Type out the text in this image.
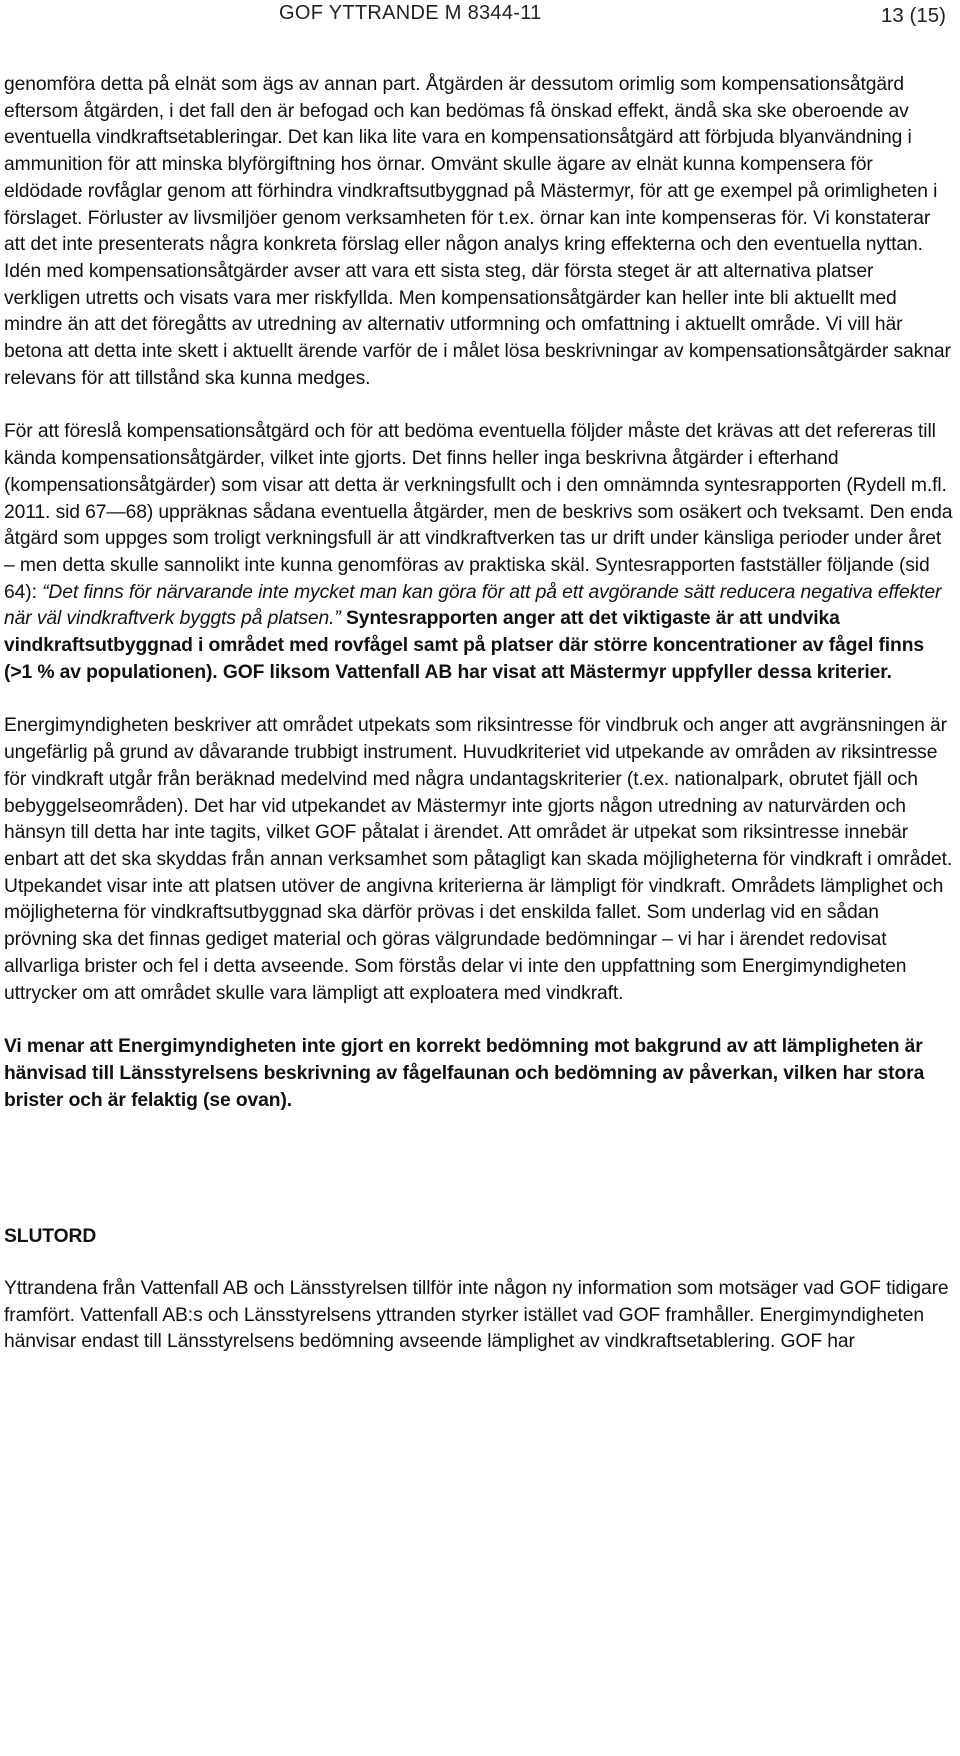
GOF YTTRANDE M 8344-11	13 (15)

genomföra detta på elnät som ägs av annan part. Åtgärden är dessutom orimlig som kompensationsåtgärd eftersom åtgärden, i det fall den är befogad och kan bedömas få önskad effekt, ändå ska ske oberoende av eventuella vindkraftsetableringar. Det kan lika lite vara en kompensationsåtgärd att förbjuda blyanvändning i ammunition för att minska blyförgiftning hos örnar. Omvänt skulle ägare av elnät kunna kompensera för eldödade rovfåglar genom att förhindra vindkraftsutbyggnad på Mästermyr, för att ge exempel på orimligheten i förslaget. Förluster av livsmiljöer genom verksamheten för t.ex. örnar kan inte kompenseras för. Vi konstaterar att det inte presenterats några konkreta förslag eller någon analys kring effekterna och den eventuella nyttan. Idén med kompensationsåtgärder avser att vara ett sista steg, där första steget är att alternativa platser verkligen utretts och visats vara mer riskfyllda. Men kompensationsåtgärder kan heller inte bli aktuellt med mindre än att det föregåtts av utredning av alternativ utformning och omfattning i aktuellt område. Vi vill här betona att detta inte skett i aktuellt ärende varför de i målet lösa beskrivningar av kompensationsåtgärder saknar relevans för att tillstånd ska kunna medges.

För att föreslå kompensationsåtgärd och för att bedöma eventuella följder måste det krävas att det refereras till kända kompensationsåtgärder, vilket inte gjorts. Det finns heller inga beskrivna åtgärder i efterhand (kompensationsåtgärder) som visar att detta är verkningsfullt och i den omnämnda syntesrapporten (Rydell m.fl. 2011. sid 67—68) uppräknas sådana eventuella åtgärder, men de beskrivs som osäkert och tveksamt. Den enda åtgärd som uppges som troligt verkningsfull är att vindkraftverken tas ur drift under känsliga perioder under året – men detta skulle sannolikt inte kunna genomföras av praktiska skäl. Syntesrapporten fastställer följande (sid 64): “Det finns för närvarande inte mycket man kan göra för att på ett avgörande sätt reducera negativa effekter när väl vindkraftverk byggts på platsen.” Syntesrapporten anger att det viktigaste är att undvika vindkraftsutbyggnad i området med rovfågel samt på platser där större koncentrationer av fågel finns (>1 % av populationen). GOF liksom Vattenfall AB har visat att Mästermyr uppfyller dessa kriterier.

Energimyndigheten beskriver att området utpekats som riksintresse för vindbruk och anger att avgränsningen är ungefärlig på grund av dåvarande trubbigt instrument. Huvudkriteriet vid utpekande av områden av riksintresse för vindkraft utgår från beräknad medelvind med några undantagskriterier (t.ex. nationalpark, obrutet fjäll och bebyggelseområden). Det har vid utpekandet av Mästermyr inte gjorts någon utredning av naturvärden och hänsyn till detta har inte tagits, vilket GOF påtalat i ärendet. Att området är utpekat som riksintresse innebär enbart att det ska skyddas från annan verksamhet som påtagligt kan skada möjligheterna för vindkraft i området. Utpekandet visar inte att platsen utöver de angivna kriterierna är lämpligt för vindkraft. Områdets lämplighet och möjligheterna för vindkraftsutbyggnad ska därför prövas i det enskilda fallet. Som underlag vid en sådan prövning ska det finnas gediget material och göras välgrundade bedömningar – vi har i ärendet redovisat allvarliga brister och fel i detta avseende. Som förstås delar vi inte den uppfattning som Energimyndigheten uttrycker om att området skulle vara lämpligt att exploatera med vindkraft.

Vi menar att Energimyndigheten inte gjort en korrekt bedömning mot bakgrund av att lämpligheten är hänvisad till Länsstyrelsens beskrivning av fågelfaunan och bedömning av påverkan, vilken har stora brister och är felaktig (se ovan).

SLUTORD

Yttrandena från Vattenfall AB och Länsstyrelsen tillför inte någon ny information som motsäger vad GOF tidigare framfört. Vattenfall AB:s och Länsstyrelsens yttranden styrker istället vad GOF framhåller. Energimyndigheten hänvisar endast till Länsstyrelsens bedömning avseende lämplighet av vindkraftsetablering. GOF har
